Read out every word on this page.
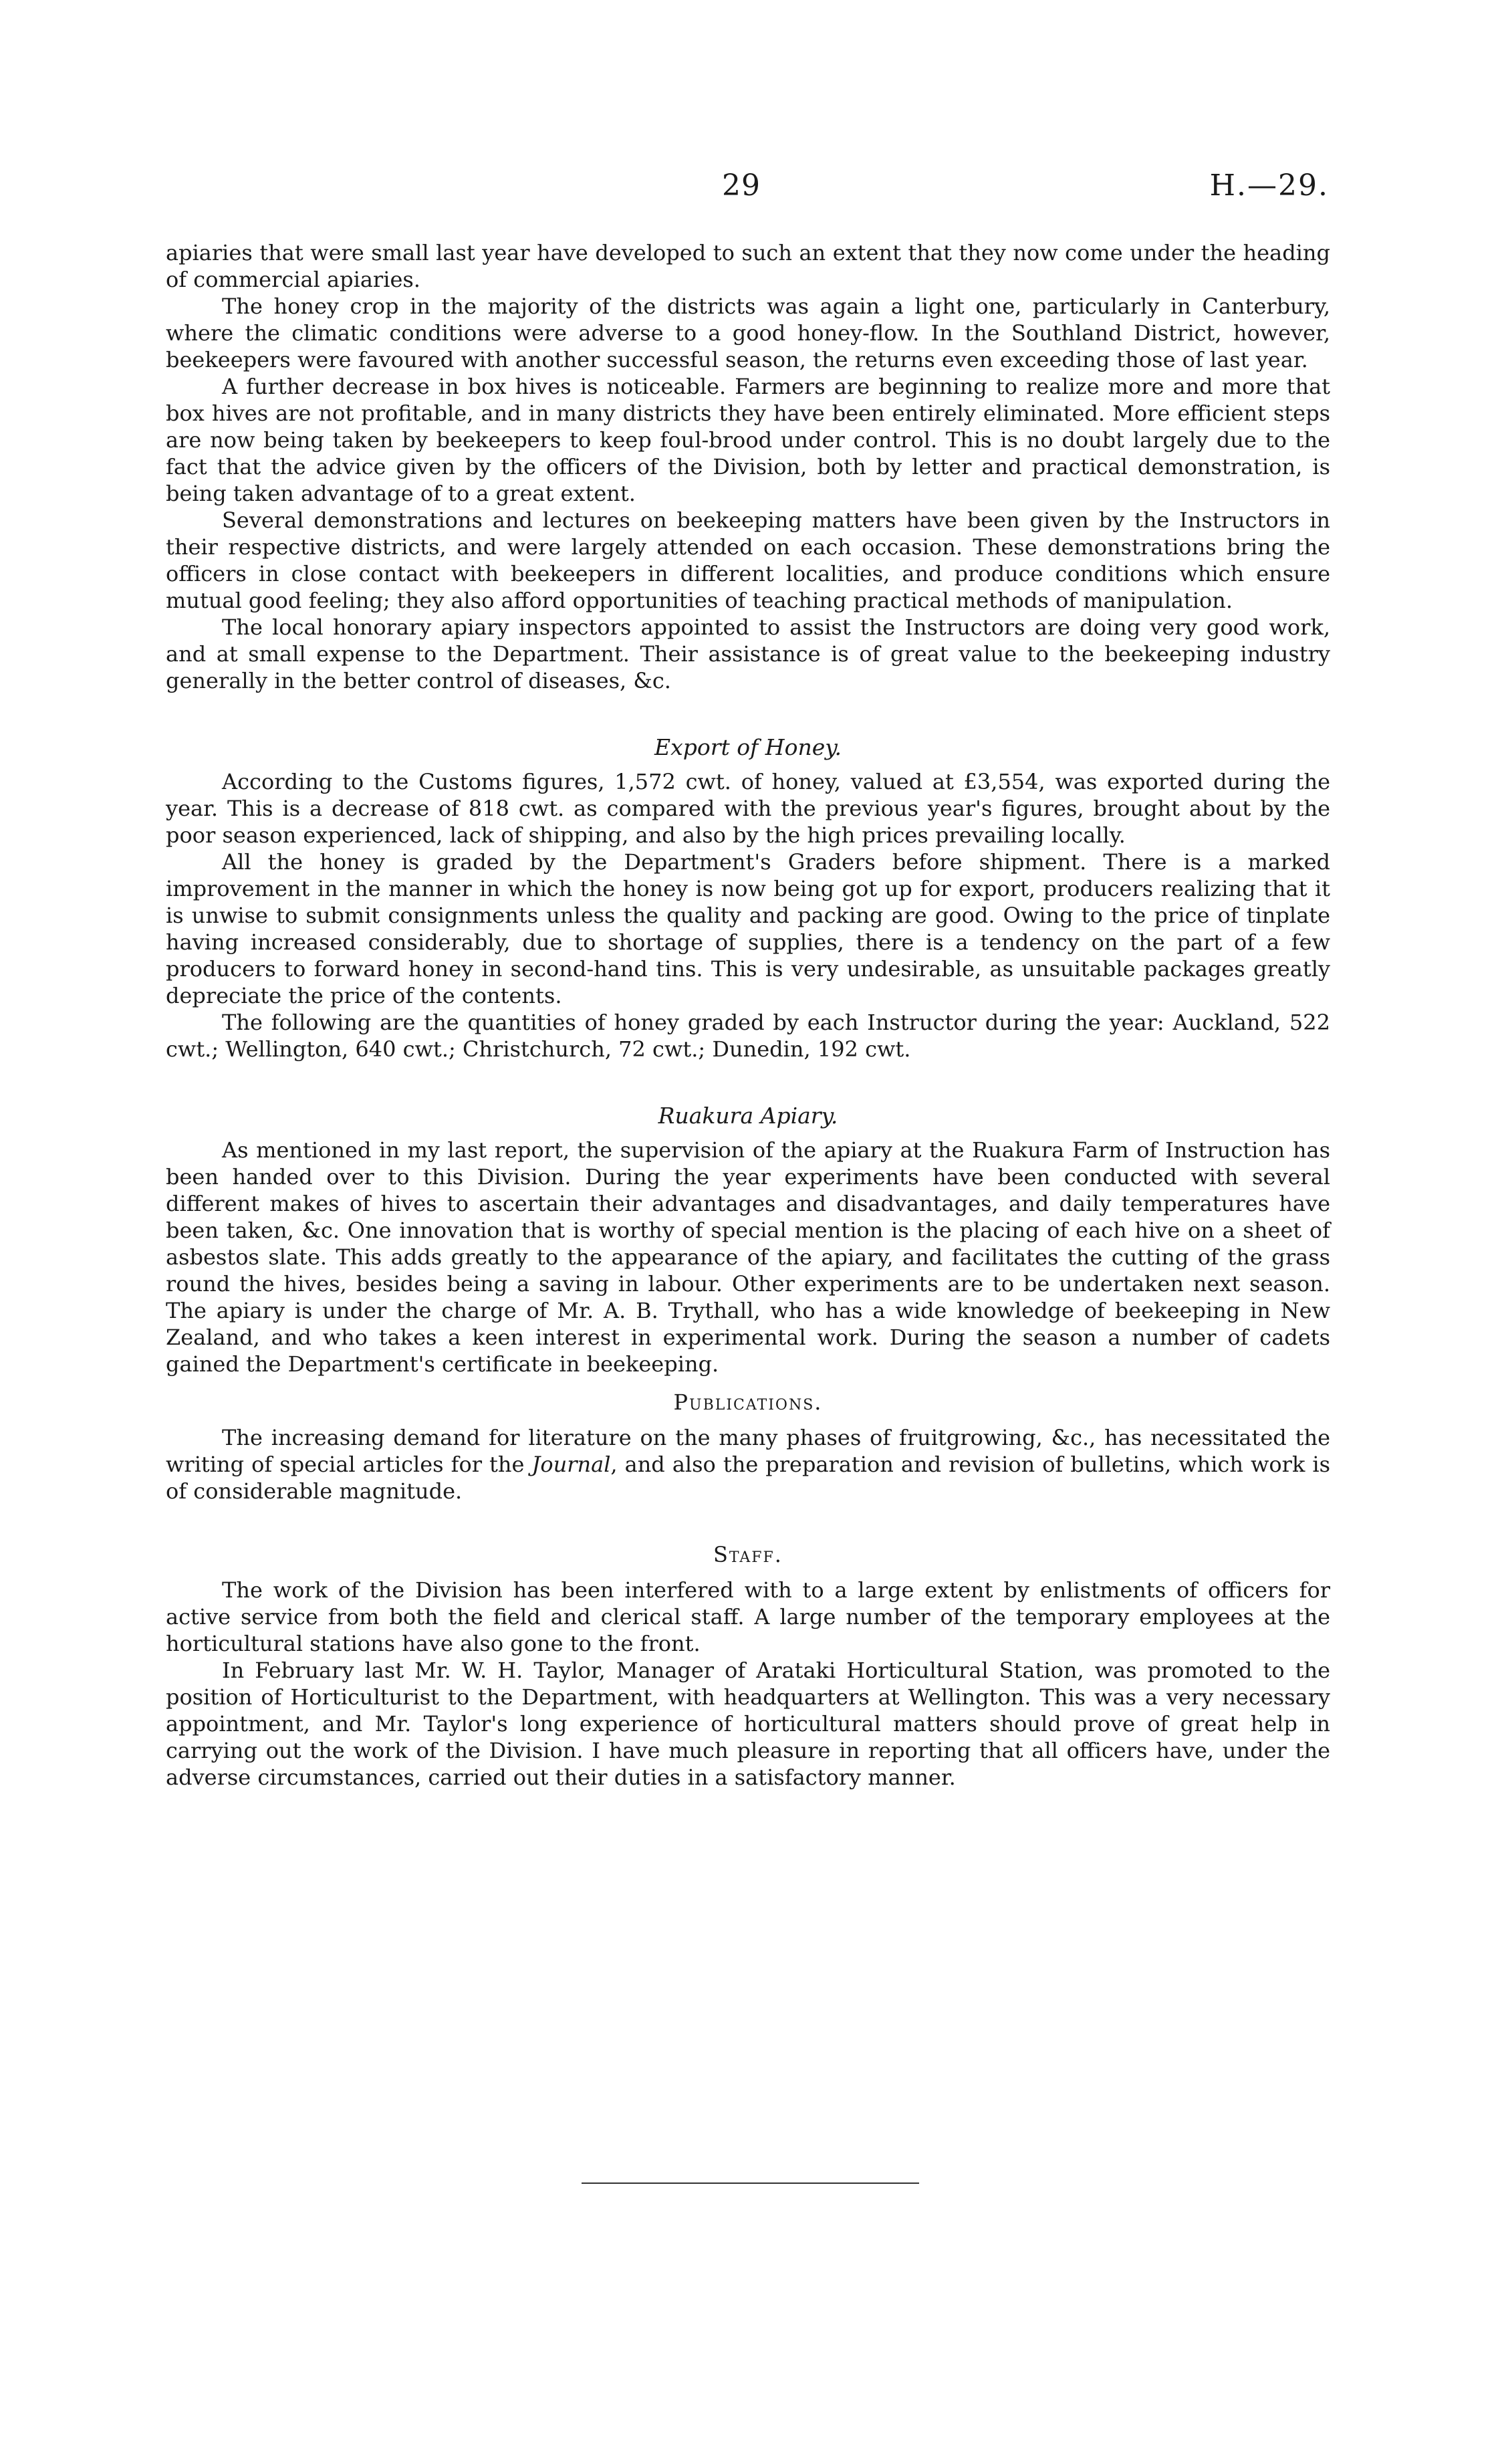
29	H.—29.

apiaries that were small last year have developed to such an extent that they now come under the heading of commercial apiaries.

The honey crop in the majority of the districts was again a light one, particularly in Canterbury, where the climatic conditions were adverse to a good honey-flow. In the Southland District, however, beekeepers were favoured with another successful season, the returns even exceeding those of last year.

A further decrease in box hives is noticeable. Farmers are beginning to realize more and more that box hives are not profitable, and in many districts they have been entirely eliminated. More efficient steps are now being taken by beekeepers to keep foul-brood under control. This is no doubt largely due to the fact that the advice given by the officers of the Division, both by letter and practical demonstration, is being taken advantage of to a great extent.

Several demonstrations and lectures on beekeeping matters have been given by the Instructors in their respective districts, and were largely attended on each occasion. These demonstrations bring the officers in close contact with beekeepers in different localities, and produce conditions which ensure mutual good feeling; they also afford opportunities of teaching practical methods of manipulation.

The local honorary apiary inspectors appointed to assist the Instructors are doing very good work, and at small expense to the Department. Their assistance is of great value to the beekeeping industry generally in the better control of diseases, &c.

Export of Honey.

According to the Customs figures, 1,572 cwt. of honey, valued at £3,554, was exported during the year. This is a decrease of 818 cwt. as compared with the previous year's figures, brought about by the poor season experienced, lack of shipping, and also by the high prices prevailing locally.

All the honey is graded by the Department's Graders before shipment. There is a marked improvement in the manner in which the honey is now being got up for export, producers realizing that it is unwise to submit consignments unless the quality and packing are good. Owing to the price of tinplate having increased considerably, due to shortage of supplies, there is a tendency on the part of a few producers to forward honey in second-hand tins. This is very undesirable, as unsuitable packages greatly depreciate the price of the contents.

The following are the quantities of honey graded by each Instructor during the year: Auckland, 522 cwt.; Wellington, 640 cwt.; Christchurch, 72 cwt.; Dunedin, 192 cwt.

Ruakura Apiary.

As mentioned in my last report, the supervision of the apiary at the Ruakura Farm of Instruction has been handed over to this Division. During the year experiments have been conducted with several different makes of hives to ascertain their advantages and disadvantages, and daily temperatures have been taken, &c. One innovation that is worthy of special mention is the placing of each hive on a sheet of asbestos slate. This adds greatly to the appearance of the apiary, and facilitates the cutting of the grass round the hives, besides being a saving in labour. Other experiments are to be undertaken next season. The apiary is under the charge of Mr. A. B. Trythall, who has a wide knowledge of beekeeping in New Zealand, and who takes a keen interest in experimental work. During the season a number of cadets gained the Department's certificate in beekeeping.

Publications.

The increasing demand for literature on the many phases of fruitgrowing, &c., has necessitated the writing of special articles for the Journal, and also the preparation and revision of bulletins, which work is of considerable magnitude.

Staff.

The work of the Division has been interfered with to a large extent by enlistments of officers for active service from both the field and clerical staff. A large number of the temporary employees at the horticultural stations have also gone to the front.

In February last Mr. W. H. Taylor, Manager of Arataki Horticultural Station, was promoted to the position of Horticulturist to the Department, with headquarters at Wellington. This was a very necessary appointment, and Mr. Taylor's long experience of horticultural matters should prove of great help in carrying out the work of the Division. I have much pleasure in reporting that all officers have, under the adverse circumstances, carried out their duties in a satisfactory manner.
